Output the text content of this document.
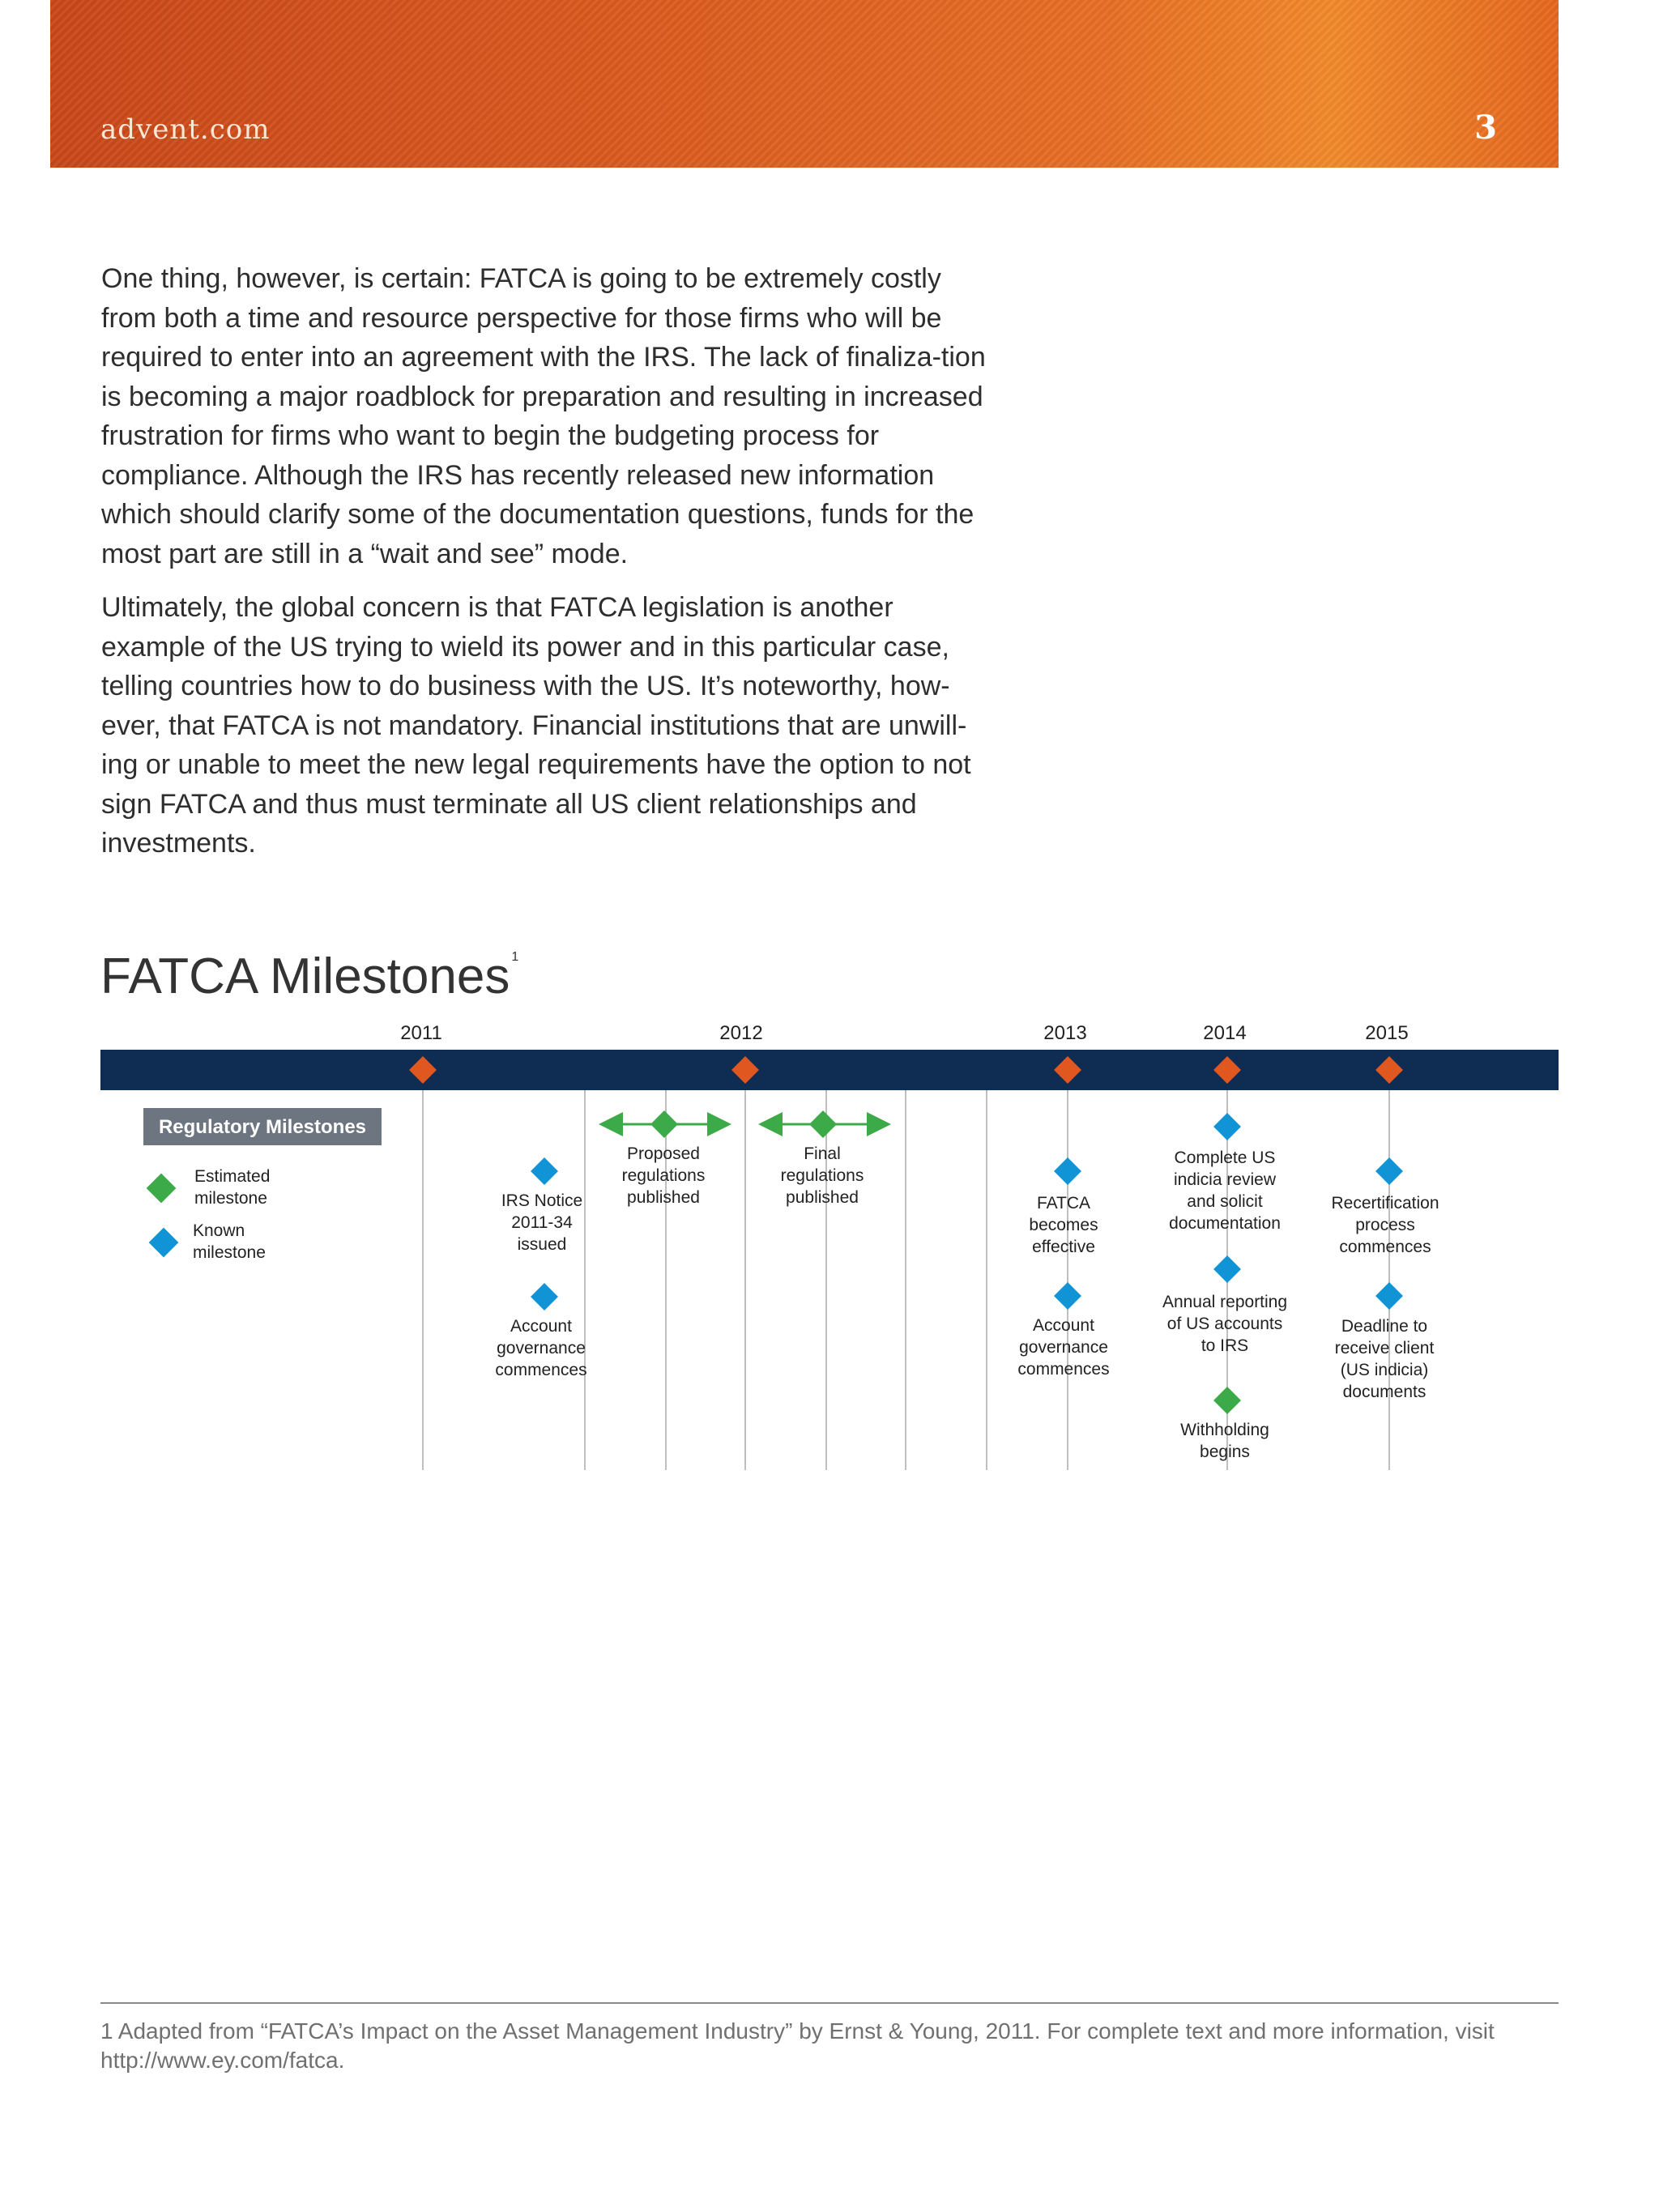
advent.com	3

One thing, however, is certain: FATCA is going to be extremely costly from both a time and resource perspective for those firms who will be required to enter into an agreement with the IRS. The lack of finaliza-tion is becoming a major roadblock for preparation and resulting in increased frustration for firms who want to begin the budgeting process for compliance. Although the IRS has recently released new information which should clarify some of the documentation questions, funds for the most part are still in a “wait and see” mode.

Ultimately, the global concern is that FATCA legislation is another example of the US trying to wield its power and in this particular case, telling countries how to do business with the US. It’s noteworthy, how-ever, that FATCA is not mandatory. Financial institutions that are unwill-ing or unable to meet the new legal requirements have the option to not sign FATCA and thus must terminate all US client relationships and investments.

FATCA Milestones $^1$
2011	2012	2013	2014	2015
Regulatory Milestones
Estimated milestone
Known milestone
IRS Notice 2011-34 issued
Account governance commences
Proposed regulations published
Final regulations published	FATCA becomes effective
Account governance commences
Complete US indicia review and solicit documentation
Annual reporting of US accounts to IRS
Withholding begins
Recertification process commences
Deadline to receive client (US indicia) documents
1 Adapted from “FATCA’s Impact on the Asset Management Industry” by Ernst & Young, 2011. For complete text and more information, visit http://www.ey.com/fatca.
